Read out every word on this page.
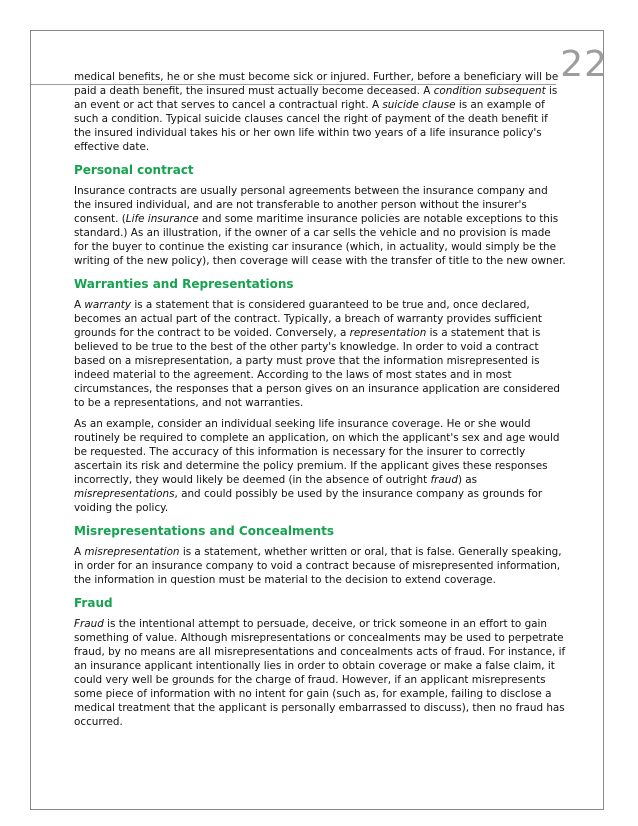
22

medical benefits, he or she must become sick or injured. Further, before a beneficiary will be paid a death benefit, the insured must actually become deceased. A condition subsequent is an event or act that serves to cancel a contractual right. A suicide clause is an example of such a condition. Typical suicide clauses cancel the right of payment of the death benefit if the insured individual takes his or her own life within two years of a life insurance policy's effective date.

Personal contract

Insurance contracts are usually personal agreements between the insurance company and the insured individual, and are not transferable to another person without the insurer's consent. (Life insurance and some maritime insurance policies are notable exceptions to this standard.) As an illustration, if the owner of a car sells the vehicle and no provision is made for the buyer to continue the existing car insurance (which, in actuality, would simply be the writing of the new policy), then coverage will cease with the transfer of title to the new owner.

Warranties and Representations

A warranty is a statement that is considered guaranteed to be true and, once declared, becomes an actual part of the contract. Typically, a breach of warranty provides sufficient grounds for the contract to be voided. Conversely, a representation is a statement that is believed to be true to the best of the other party's knowledge. In order to void a contract based on a misrepresentation, a party must prove that the information misrepresented is indeed material to the agreement. According to the laws of most states and in most circumstances, the responses that a person gives on an insurance application are considered to be a representations, and not warranties.

As an example, consider an individual seeking life insurance coverage. He or she would routinely be required to complete an application, on which the applicant's sex and age would be requested. The accuracy of this information is necessary for the insurer to correctly ascertain its risk and determine the policy premium. If the applicant gives these responses incorrectly, they would likely be deemed (in the absence of outright fraud) as misrepresentations, and could possibly be used by the insurance company as grounds for voiding the policy.

Misrepresentations and Concealments

A misrepresentation is a statement, whether written or oral, that is false. Generally speaking, in order for an insurance company to void a contract because of misrepresented information, the information in question must be material to the decision to extend coverage.

Fraud

Fraud is the intentional attempt to persuade, deceive, or trick someone in an effort to gain something of value. Although misrepresentations or concealments may be used to perpetrate fraud, by no means are all misrepresentations and concealments acts of fraud. For instance, if an insurance applicant intentionally lies in order to obtain coverage or make a false claim, it could very well be grounds for the charge of fraud. However, if an applicant misrepresents some piece of information with no intent for gain (such as, for example, failing to disclose a medical treatment that the applicant is personally embarrassed to discuss), then no fraud has occurred.
